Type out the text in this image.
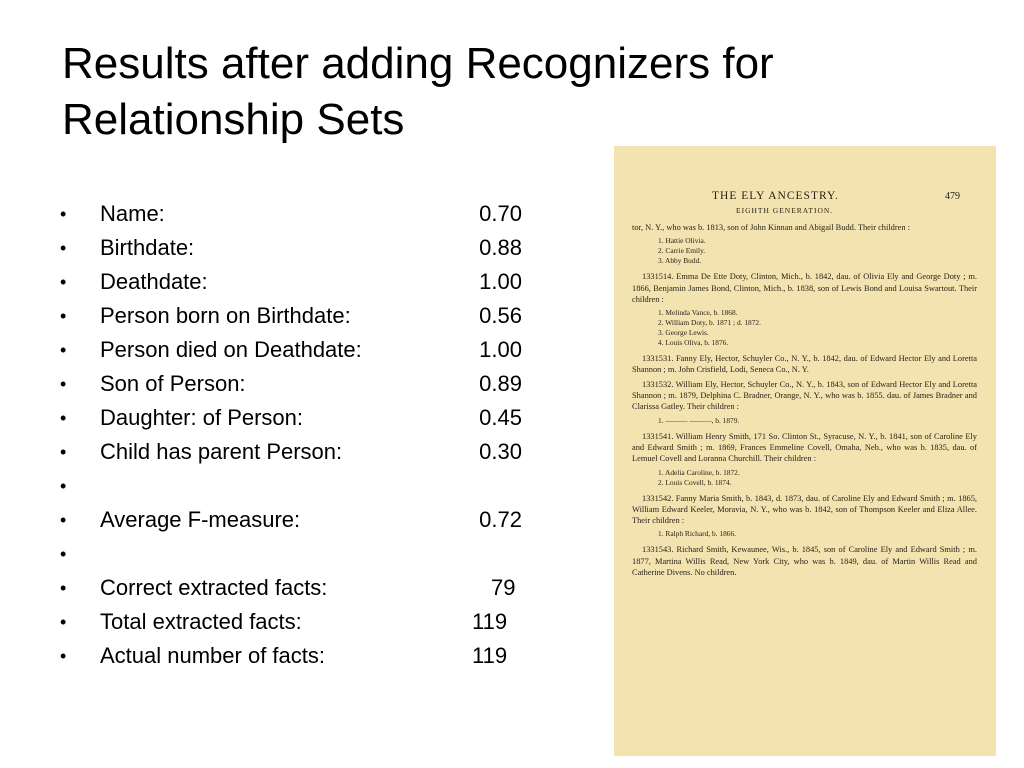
Results after adding Recognizers for
Relationship Sets
•	Name:	0.70
•	Birthdate:	0.88
•	Deathdate:	1.00
•	Person born on Birthdate:	0.56
•	Person died on Deathdate:	1.00
•	Son of Person:	0.89
•	Daughter: of Person:	0.45
•	Child has parent Person:	0.30
•
•	Average F-measure:	0.72
•
•	Correct extracted facts:	79
•	Total extracted facts:	119
•	Actual number of facts:	119
THE ELY ANCESTRY.	479
EIGHTH GENERATION.

tor, N. Y., who was b. 1813, son of John Kinnan and Abigail Budd. Their children :

1. Hattie Olivia.

2. Carrie Emily.

3. Abby Budd.

1331514. Emma De Ette Doty, Clinton, Mich., b. 1842, dau. of Olivia Ely and George Doty ; m. 1866, Benjamin James Bond, Clinton, Mich., b. 1838, son of Lewis Bond and Louisa Swartout. Their children :

1. Melinda Vance, b. 1868.

2. William Doty, b. 1871 ; d. 1872.

3. George Lewis.

4. Louis Oliva, b. 1876.

1331531. Fanny Ely, Hector, Schuyler Co., N. Y., b. 1842, dau. of Edward Hector Ely and Loretta Shannon ; m. John Crisfield, Lodi, Seneca Co., N. Y.

1331532. William Ely, Hector, Schuyler Co., N. Y., b. 1843, son of Edward Hector Ely and Loretta Shannon ; m. 1879, Delphina C. Bradner, Orange, N. Y., who was b. 1855. dau. of James Bradner and Clarissa Gatley. Their children :

1. ——— ———, b. 1879.

1331541. William Henry Smith, 171 So. Clinton St., Syracuse, N. Y., b. 1841, son of Caroline Ely and Edward Smith ; m. 1869, Frances Emmeline Covell, Omaha, Neb., who was b. 1835, dau. of Lemuel Covell and Loranna Churchill. Their children :

1. Adelia Caroline, b. 1872.

2. Louis Covell, b. 1874.

1331542. Fanny Maria Smith, b. 1843, d. 1873, dau. of Caroline Ely and Edward Smith ; m. 1865, William Edward Keeler, Moravia, N. Y., who was b. 1842, son of Thompson Keeler and Eliza Allee. Their children :

1. Ralph Richard, b. 1866.

1331543. Richard Smith, Kewaunee, Wis., b. 1845, son of Caroline Ely and Edward Smith ; m. 1877, Martina Willis Read, New York City, who was b. 1849, dau. of Martin Willis Read and Catherine Divens. No children.
